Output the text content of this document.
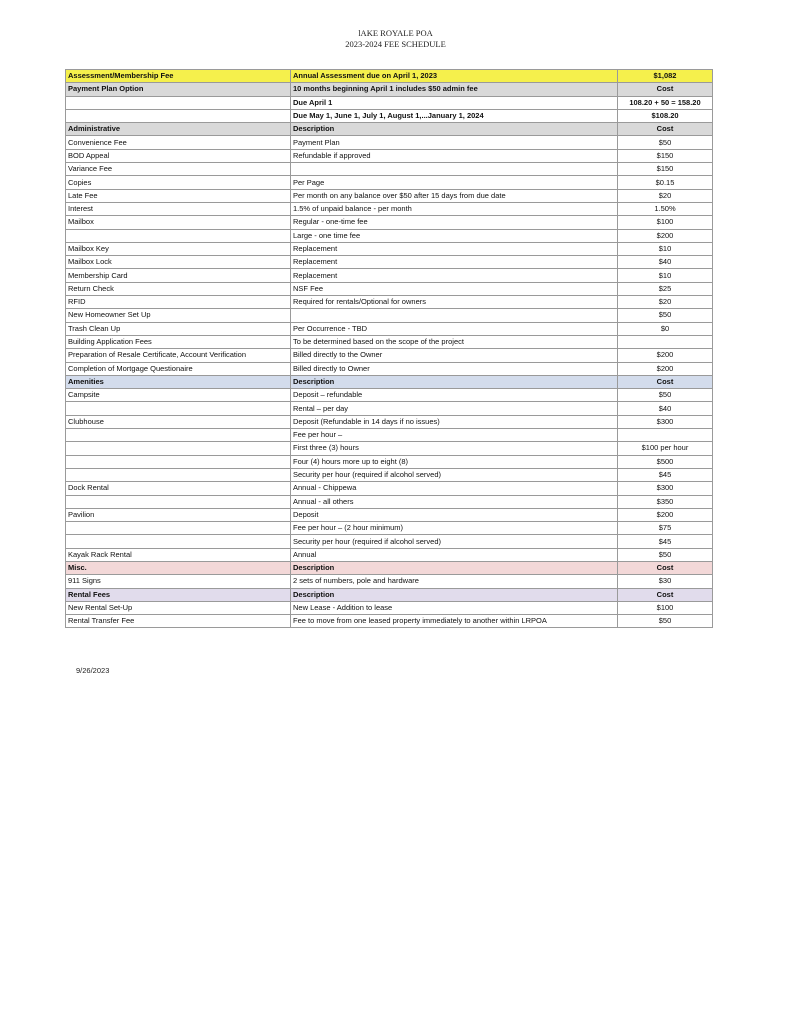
lAKE ROYALE POA
2023-2024 FEE SCHEDULE
Assessment/Membership Fee	Annual Assessment due on April 1, 2023	$1,082
Payment Plan Option	10 months beginning April 1 includes $50 admin fee	Cost
	Due April 1	108.20 + 50 = 158.20
	Due May 1, June 1, July 1, August 1,...January 1, 2024	$108.20
Administrative	Description	Cost
Convenience Fee	Payment Plan	$50
BOD Appeal	Refundable if approved	$150
Variance Fee		$150
Copies	Per Page	$0.15
Late Fee	Per month on any balance over $50 after 15 days from due date	$20
Interest	1.5% of unpaid balance - per month	1.50%
Mailbox	Regular - one-time fee	$100
	Large - one time fee	$200
Mailbox Key	Replacement	$10
Mailbox Lock	Replacement	$40
Membership Card	Replacement	$10
Return Check	NSF Fee	$25
RFID	Required for rentals/Optional for owners	$20
New Homeowner Set Up		$50
Trash Clean Up	Per Occurrence - TBD	$0
Building Application Fees	To be determined based on the scope of the project	
Preparation of Resale Certificate, Account Verification	Billed directly to the Owner	$200
Completion of Mortgage Questionaire	Billed directly to Owner	$200
Amenities	Description	Cost
Campsite	Deposit – refundable	$50
	Rental – per day	$40
Clubhouse	Deposit (Refundable in 14 days if no issues)	$300
	Fee per hour –	
	First three (3) hours	$100 per hour
	Four (4) hours more up to eight (8)	$500
	Security per hour (required if alcohol served)	$45
Dock Rental	Annual - Chippewa	$300
	Annual - all others	$350
Pavilion	Deposit	$200
	Fee per hour – (2 hour minimum)	$75
	Security per hour (required if alcohol served)	$45
Kayak Rack Rental	Annual	$50
Misc.	Description	Cost
911 Signs	2 sets of numbers, pole and hardware	$30
Rental Fees	Description	Cost
New Rental Set-Up	New Lease - Addition to lease	$100
Rental Transfer Fee	Fee to move from one leased property immediately to another within LRPOA	$50
9/26/2023
